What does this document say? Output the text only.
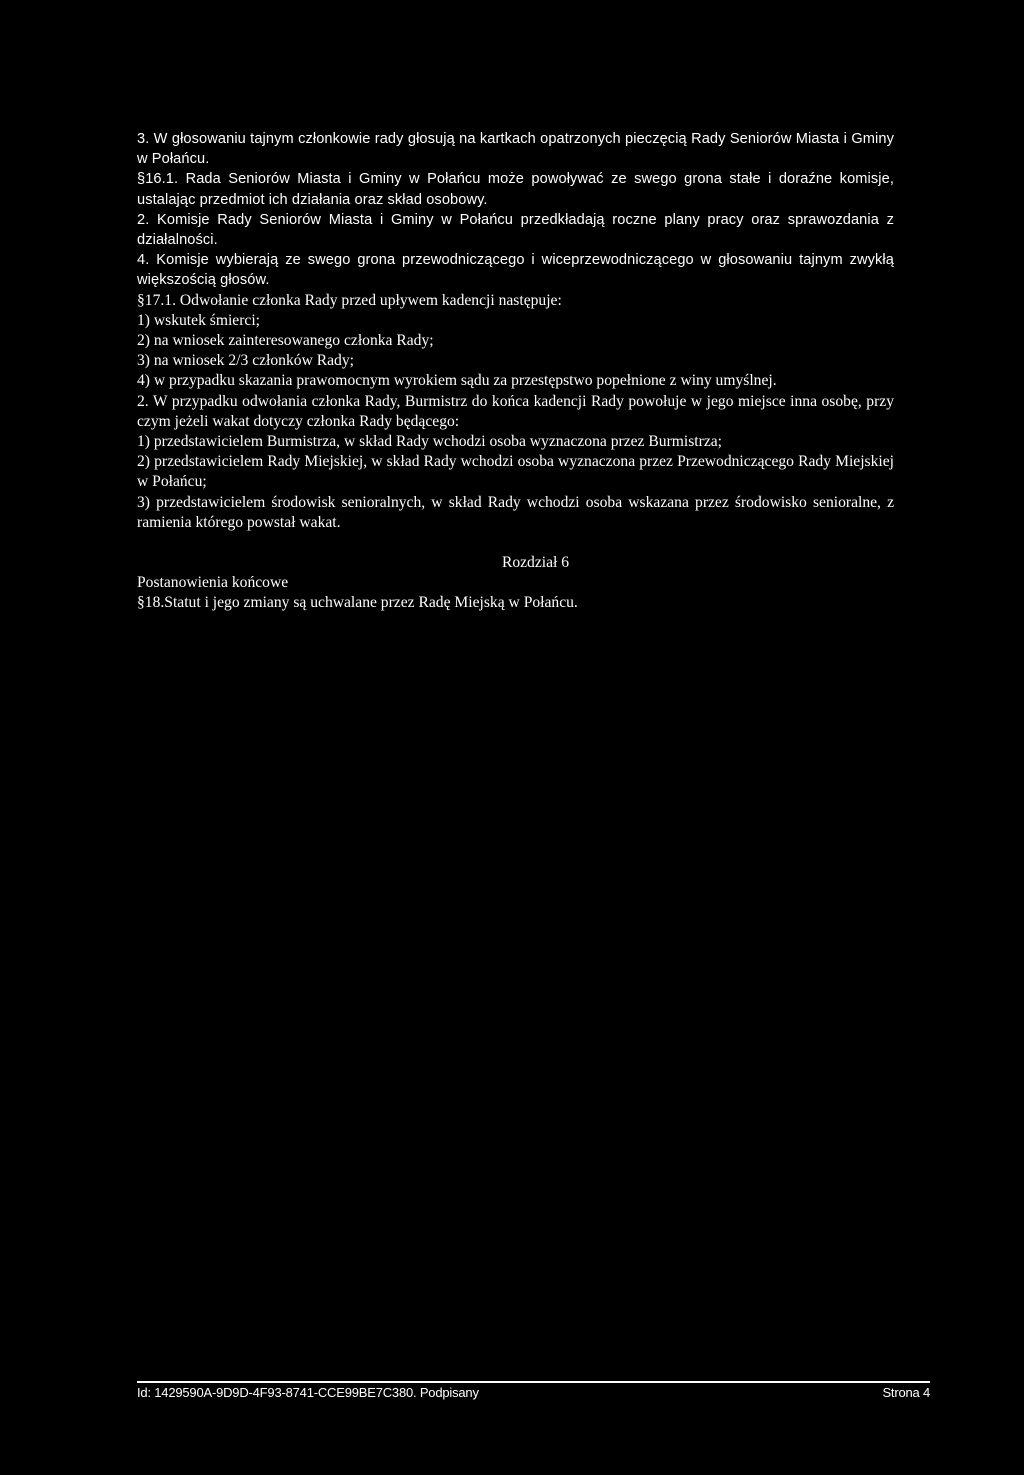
3. W głosowaniu tajnym członkowie rady głosują na kartkach opatrzonych pieczęcią Rady Seniorów Miasta i Gminy w Połańcu.

§16.1. Rada Seniorów Miasta i Gminy w Połańcu może powoływać ze swego grona stałe i doraźne komisje, ustalając przedmiot ich działania oraz skład osobowy.

2. Komisje Rady Seniorów Miasta i Gminy w Połańcu przedkładają roczne plany pracy oraz sprawozdania z działalności.

4. Komisje wybierają ze swego grona przewodniczącego i wiceprzewodniczącego w głosowaniu tajnym zwykłą większością głosów.

§17.1. Odwołanie członka Rady przed upływem kadencji następuje:

1) wskutek śmierci;

2) na wniosek zainteresowanego członka Rady;

3) na wniosek 2/3 członków Rady;

4) w przypadku skazania prawomocnym wyrokiem sądu za przestępstwo popełnione z winy umyślnej.

2. W przypadku odwołania członka Rady, Burmistrz do końca kadencji Rady powołuje w jego miejsce inna osobę, przy czym jeżeli wakat dotyczy członka Rady będącego:

1) przedstawicielem Burmistrza, w skład Rady wchodzi osoba wyznaczona przez Burmistrza;

2) przedstawicielem Rady Miejskiej, w skład Rady wchodzi osoba wyznaczona przez Przewodniczącego Rady Miejskiej w Połańcu;

3) przedstawicielem środowisk senioralnych, w skład Rady wchodzi osoba wskazana przez środowisko senioralne, z ramienia którego powstał wakat.

Rozdział 6

Postanowienia końcowe

§18.Statut i jego zmiany są uchwalane przez Radę Miejską w Połańcu.

Id: 1429590A-9D9D-4F93-8741-CCE99BE7C380. Podpisany	Strona 4
